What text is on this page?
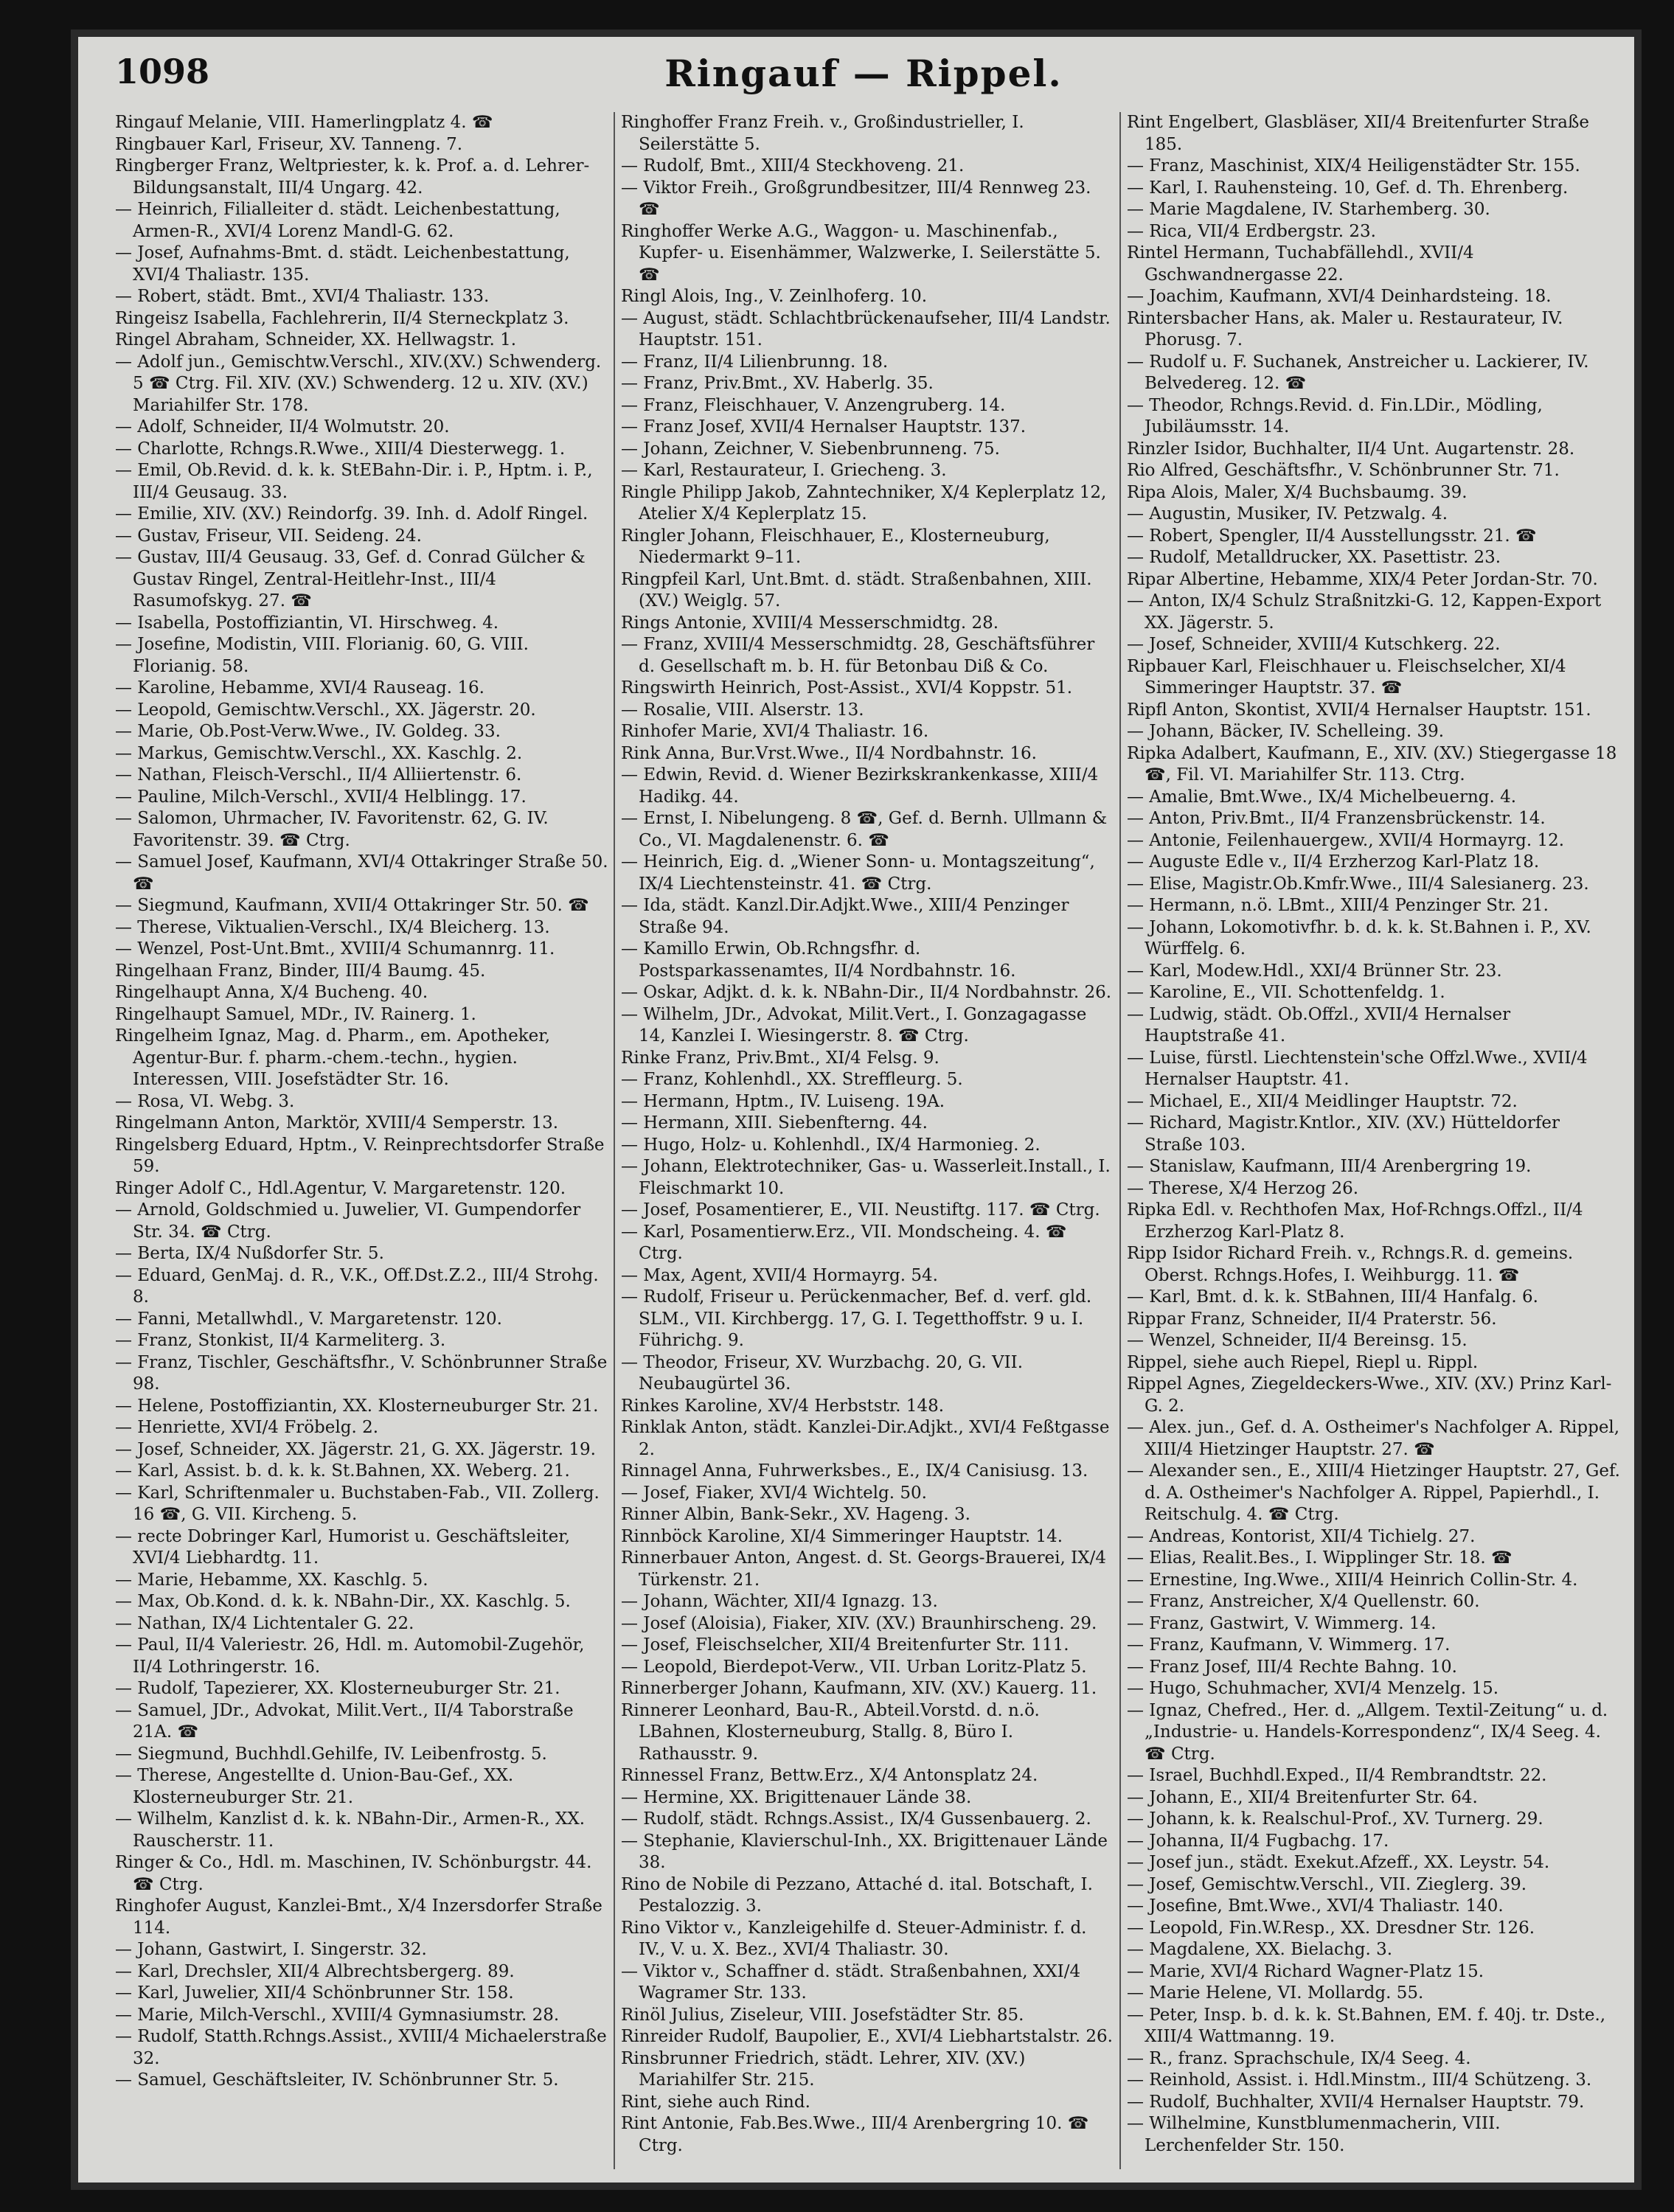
1098	Ringauf — Rippel.

Ringauf Melanie, VIII. Hamerlingplatz 4. ☎

Ringbauer Karl, Friseur, XV. Tanneng. 7.

Ringberger Franz, Weltpriester, k. k. Prof. a. d. Lehrer-Bildungsanstalt, III/4 Ungarg. 42.

— Heinrich, Filialleiter d. städt. Leichenbestattung, Armen-R., XVI/4 Lorenz Mandl-G. 62.

— Josef, Aufnahms-Bmt. d. städt. Leichenbestattung, XVI/4 Thaliastr. 135.

— Robert, städt. Bmt., XVI/4 Thaliastr. 133.

Ringeisz Isabella, Fachlehrerin, II/4 Sterneckplatz 3.

Ringel Abraham, Schneider, XX. Hellwagstr. 1.

— Adolf jun., Gemischtw.Verschl., XIV.(XV.) Schwenderg. 5 ☎ Ctrg. Fil. XIV. (XV.) Schwenderg. 12 u. XIV. (XV.) Mariahilfer Str. 178.

— Adolf, Schneider, II/4 Wolmutstr. 20.

— Charlotte, Rchngs.R.Wwe., XIII/4 Diesterwegg. 1.

— Emil, Ob.Revid. d. k. k. StEBahn-Dir. i. P., Hptm. i. P., III/4 Geusaug. 33.

— Emilie, XIV. (XV.) Reindorfg. 39. Inh. d. Adolf Ringel.

— Gustav, Friseur, VII. Seideng. 24.

— Gustav, III/4 Geusaug. 33, Gef. d. Conrad Gülcher & Gustav Ringel, Zentral-Heitlehr-Inst., III/4 Rasumofskyg. 27. ☎

— Isabella, Postoffiziantin, VI. Hirschweg. 4.

— Josefine, Modistin, VIII. Florianig. 60, G. VIII. Florianig. 58.

— Karoline, Hebamme, XVI/4 Rauseag. 16.

— Leopold, Gemischtw.Verschl., XX. Jägerstr. 20.

— Marie, Ob.Post-Verw.Wwe., IV. Goldeg. 33.

— Markus, Gemischtw.Verschl., XX. Kaschlg. 2.

— Nathan, Fleisch-Verschl., II/4 Alliiertenstr. 6.

— Pauline, Milch-Verschl., XVII/4 Helblingg. 17.

— Salomon, Uhrmacher, IV. Favoritenstr. 62, G. IV. Favoritenstr. 39. ☎ Ctrg.

— Samuel Josef, Kaufmann, XVI/4 Ottakringer Straße 50. ☎

— Siegmund, Kaufmann, XVII/4 Ottakringer Str. 50. ☎

— Therese, Viktualien-Verschl., IX/4 Bleicherg. 13.

— Wenzel, Post-Unt.Bmt., XVIII/4 Schumannrg. 11.

Ringelhaan Franz, Binder, III/4 Baumg. 45.

Ringelhaupt Anna, X/4 Bucheng. 40.

Ringelhaupt Samuel, MDr., IV. Rainerg. 1.

Ringelheim Ignaz, Mag. d. Pharm., em. Apotheker, Agentur-Bur. f. pharm.-chem.-techn., hygien. Interessen, VIII. Josefstädter Str. 16.

— Rosa, VI. Webg. 3.

Ringelmann Anton, Marktör, XVIII/4 Semperstr. 13.

Ringelsberg Eduard, Hptm., V. Reinprechtsdorfer Straße 59.

Ringer Adolf C., Hdl.Agentur, V. Margaretenstr. 120.

— Arnold, Goldschmied u. Juwelier, VI. Gumpendorfer Str. 34. ☎ Ctrg.

— Berta, IX/4 Nußdorfer Str. 5.

— Eduard, GenMaj. d. R., V.K., Off.Dst.Z.2., III/4 Strohg. 8.

— Fanni, Metallwhdl., V. Margaretenstr. 120.

— Franz, Stonkist, II/4 Karmeliterg. 3.

— Franz, Tischler, Geschäftsfhr., V. Schönbrunner Straße 98.

— Helene, Postoffiziantin, XX. Klosterneuburger Str. 21.

— Henriette, XVI/4 Fröbelg. 2.

— Josef, Schneider, XX. Jägerstr. 21, G. XX. Jägerstr. 19.

— Karl, Assist. b. d. k. k. St.Bahnen, XX. Weberg. 21.

— Karl, Schriftenmaler u. Buchstaben-Fab., VII. Zollerg. 16 ☎, G. VII. Kircheng. 5.

— recte Dobringer Karl, Humorist u. Geschäftsleiter, XVI/4 Liebhardtg. 11.

— Marie, Hebamme, XX. Kaschlg. 5.

— Max, Ob.Kond. d. k. k. NBahn-Dir., XX. Kaschlg. 5.

— Nathan, IX/4 Lichtentaler G. 22.

— Paul, II/4 Valeriestr. 26, Hdl. m. Automobil-Zugehör, II/4 Lothringerstr. 16.

— Rudolf, Tapezierer, XX. Klosterneuburger Str. 21.

— Samuel, JDr., Advokat, Milit.Vert., II/4 Taborstraße 21A. ☎

— Siegmund, Buchhdl.Gehilfe, IV. Leibenfrostg. 5.

— Therese, Angestellte d. Union-Bau-Gef., XX. Klosterneuburger Str. 21.

— Wilhelm, Kanzlist d. k. k. NBahn-Dir., Armen-R., XX. Rauscherstr. 11.

Ringer & Co., Hdl. m. Maschinen, IV. Schönburgstr. 44. ☎ Ctrg.

Ringhofer August, Kanzlei-Bmt., X/4 Inzersdorfer Straße 114.

— Johann, Gastwirt, I. Singerstr. 32.

— Karl, Drechsler, XII/4 Albrechtsbergerg. 89.

— Karl, Juwelier, XII/4 Schönbrunner Str. 158.

— Marie, Milch-Verschl., XVIII/4 Gymnasiumstr. 28.

— Rudolf, Statth.Rchngs.Assist., XVIII/4 Michaelerstraße 32.

— Samuel, Geschäftsleiter, IV. Schönbrunner Str. 5.

Ringhoffer Franz Freih. v., Großindustrieller, I. Seilerstätte 5.

— Rudolf, Bmt., XIII/4 Steckhoveng. 21.

— Viktor Freih., Großgrundbesitzer, III/4 Rennweg 23. ☎

Ringhoffer Werke A.G., Waggon- u. Maschinenfab., Kupfer- u. Eisenhämmer, Walzwerke, I. Seilerstätte 5. ☎

Ringl Alois, Ing., V. Zeinlhoferg. 10.

— August, städt. Schlachtbrückenaufseher, III/4 Landstr. Hauptstr. 151.

— Franz, II/4 Lilienbrunng. 18.

— Franz, Priv.Bmt., XV. Haberlg. 35.

— Franz, Fleischhauer, V. Anzengruberg. 14.

— Franz Josef, XVII/4 Hernalser Hauptstr. 137.

— Johann, Zeichner, V. Siebenbrunneng. 75.

— Karl, Restaurateur, I. Griecheng. 3.

Ringle Philipp Jakob, Zahntechniker, X/4 Keplerplatz 12, Atelier X/4 Keplerplatz 15.

Ringler Johann, Fleischhauer, E., Klosterneuburg, Niedermarkt 9–11.

Ringpfeil Karl, Unt.Bmt. d. städt. Straßenbahnen, XIII. (XV.) Weiglg. 57.

Rings Antonie, XVIII/4 Messerschmidtg. 28.

— Franz, XVIII/4 Messerschmidtg. 28, Geschäftsführer d. Gesellschaft m. b. H. für Betonbau Diß & Co.

Ringswirth Heinrich, Post-Assist., XVI/4 Koppstr. 51.

— Rosalie, VIII. Alserstr. 13.

Rinhofer Marie, XVI/4 Thaliastr. 16.

Rink Anna, Bur.Vrst.Wwe., II/4 Nordbahnstr. 16.

— Edwin, Revid. d. Wiener Bezirkskrankenkasse, XIII/4 Hadikg. 44.

— Ernst, I. Nibelungeng. 8 ☎, Gef. d. Bernh. Ullmann & Co., VI. Magdalenenstr. 6. ☎

— Heinrich, Eig. d. „Wiener Sonn- u. Montagszeitung“, IX/4 Liechtensteinstr. 41. ☎ Ctrg.

— Ida, städt. Kanzl.Dir.Adjkt.Wwe., XIII/4 Penzinger Straße 94.

— Kamillo Erwin, Ob.Rchngsfhr. d. Postsparkassenamtes, II/4 Nordbahnstr. 16.

— Oskar, Adjkt. d. k. k. NBahn-Dir., II/4 Nordbahnstr. 26.

— Wilhelm, JDr., Advokat, Milit.Vert., I. Gonzagagasse 14, Kanzlei I. Wiesingerstr. 8. ☎ Ctrg.

Rinke Franz, Priv.Bmt., XI/4 Felsg. 9.

— Franz, Kohlenhdl., XX. Streffleurg. 5.

— Hermann, Hptm., IV. Luiseng. 19A.

— Hermann, XIII. Siebenfterng. 44.

— Hugo, Holz- u. Kohlenhdl., IX/4 Harmonieg. 2.

— Johann, Elektrotechniker, Gas- u. Wasserleit.Install., I. Fleischmarkt 10.

— Josef, Posamentierer, E., VII. Neustiftg. 117. ☎ Ctrg.

— Karl, Posamentierw.Erz., VII. Mondscheing. 4. ☎ Ctrg.

— Max, Agent, XVII/4 Hormayrg. 54.

— Rudolf, Friseur u. Perückenmacher, Bef. d. verf. gld. SLM., VII. Kirchbergg. 17, G. I. Tegetthoffstr. 9 u. I. Führichg. 9.

— Theodor, Friseur, XV. Wurzbachg. 20, G. VII. Neubaugürtel 36.

Rinkes Karoline, XV/4 Herbststr. 148.

Rinklak Anton, städt. Kanzlei-Dir.Adjkt., XVI/4 Feßtgasse 2.

Rinnagel Anna, Fuhrwerksbes., E., IX/4 Canisiusg. 13.

— Josef, Fiaker, XVI/4 Wichtelg. 50.

Rinner Albin, Bank-Sekr., XV. Hageng. 3.

Rinnböck Karoline, XI/4 Simmeringer Hauptstr. 14.

Rinnerbauer Anton, Angest. d. St. Georgs-Brauerei, IX/4 Türkenstr. 21.

— Johann, Wächter, XII/4 Ignazg. 13.

— Josef (Aloisia), Fiaker, XIV. (XV.) Braunhirscheng. 29.

— Josef, Fleischselcher, XII/4 Breitenfurter Str. 111.

— Leopold, Bierdepot-Verw., VII. Urban Loritz-Platz 5.

Rinnerberger Johann, Kaufmann, XIV. (XV.) Kauerg. 11.

Rinnerer Leonhard, Bau-R., Abteil.Vorstd. d. n.ö. LBahnen, Klosterneuburg, Stallg. 8, Büro I. Rathausstr. 9.

Rinnessel Franz, Bettw.Erz., X/4 Antonsplatz 24.

— Hermine, XX. Brigittenauer Lände 38.

— Rudolf, städt. Rchngs.Assist., IX/4 Gussenbauerg. 2.

— Stephanie, Klavierschul-Inh., XX. Brigittenauer Lände 38.

Rino de Nobile di Pezzano, Attaché d. ital. Botschaft, I. Pestalozzig. 3.

Rino Viktor v., Kanzleigehilfe d. Steuer-Administr. f. d. IV., V. u. X. Bez., XVI/4 Thaliastr. 30.

— Viktor v., Schaffner d. städt. Straßenbahnen, XXI/4 Wagramer Str. 133.

Rinöl Julius, Ziseleur, VIII. Josefstädter Str. 85.

Rinreider Rudolf, Baupolier, E., XVI/4 Liebhartstalstr. 26.

Rinsbrunner Friedrich, städt. Lehrer, XIV. (XV.) Mariahilfer Str. 215.

Rint, siehe auch Rind.

Rint Antonie, Fab.Bes.Wwe., III/4 Arenbergring 10. ☎ Ctrg.

Rint Engelbert, Glasbläser, XII/4 Breitenfurter Straße 185.

— Franz, Maschinist, XIX/4 Heiligenstädter Str. 155.

— Karl, I. Rauhensteing. 10, Gef. d. Th. Ehrenberg.

— Marie Magdalene, IV. Starhemberg. 30.

— Rica, VII/4 Erdbergstr. 23.

Rintel Hermann, Tuchabfällehdl., XVII/4 Gschwandnergasse 22.

— Joachim, Kaufmann, XVI/4 Deinhardsteing. 18.

Rintersbacher Hans, ak. Maler u. Restaurateur, IV. Phorusg. 7.

— Rudolf u. F. Suchanek, Anstreicher u. Lackierer, IV. Belvedereg. 12. ☎

— Theodor, Rchngs.Revid. d. Fin.LDir., Mödling, Jubiläumsstr. 14.

Rinzler Isidor, Buchhalter, II/4 Unt. Augartenstr. 28.

Rio Alfred, Geschäftsfhr., V. Schönbrunner Str. 71.

Ripa Alois, Maler, X/4 Buchsbaumg. 39.

— Augustin, Musiker, IV. Petzwalg. 4.

— Robert, Spengler, II/4 Ausstellungsstr. 21. ☎

— Rudolf, Metalldrucker, XX. Pasettistr. 23.

Ripar Albertine, Hebamme, XIX/4 Peter Jordan-Str. 70.

— Anton, IX/4 Schulz Straßnitzki-G. 12, Kappen-Export XX. Jägerstr. 5.

— Josef, Schneider, XVIII/4 Kutschkerg. 22.

Ripbauer Karl, Fleischhauer u. Fleischselcher, XI/4 Simmeringer Hauptstr. 37. ☎

Ripfl Anton, Skontist, XVII/4 Hernalser Hauptstr. 151.

— Johann, Bäcker, IV. Schelleing. 39.

Ripka Adalbert, Kaufmann, E., XIV. (XV.) Stiegergasse 18 ☎, Fil. VI. Mariahilfer Str. 113. Ctrg.

— Amalie, Bmt.Wwe., IX/4 Michelbeuerng. 4.

— Anton, Priv.Bmt., II/4 Franzensbrückenstr. 14.

— Antonie, Feilenhauergew., XVII/4 Hormayrg. 12.

— Auguste Edle v., II/4 Erzherzog Karl-Platz 18.

— Elise, Magistr.Ob.Kmfr.Wwe., III/4 Salesianerg. 23.

— Hermann, n.ö. LBmt., XIII/4 Penzinger Str. 21.

— Johann, Lokomotivfhr. b. d. k. k. St.Bahnen i. P., XV. Würffelg. 6.

— Karl, Modew.Hdl., XXI/4 Brünner Str. 23.

— Karoline, E., VII. Schottenfeldg. 1.

— Ludwig, städt. Ob.Offzl., XVII/4 Hernalser Hauptstraße 41.

— Luise, fürstl. Liechtenstein'sche Offzl.Wwe., XVII/4 Hernalser Hauptstr. 41.

— Michael, E., XII/4 Meidlinger Hauptstr. 72.

— Richard, Magistr.Kntlor., XIV. (XV.) Hütteldorfer Straße 103.

— Stanislaw, Kaufmann, III/4 Arenbergring 19.

— Therese, X/4 Herzog 26.

Ripka Edl. v. Rechthofen Max, Hof-Rchngs.Offzl., II/4 Erzherzog Karl-Platz 8.

Ripp Isidor Richard Freih. v., Rchngs.R. d. gemeins. Oberst. Rchngs.Hofes, I. Weihburgg. 11. ☎

— Karl, Bmt. d. k. k. StBahnen, III/4 Hanfalg. 6.

Rippar Franz, Schneider, II/4 Praterstr. 56.

— Wenzel, Schneider, II/4 Bereinsg. 15.

Rippel, siehe auch Riepel, Riepl u. Rippl.

Rippel Agnes, Ziegeldeckers-Wwe., XIV. (XV.) Prinz Karl-G. 2.

— Alex. jun., Gef. d. A. Ostheimer's Nachfolger A. Rippel, XIII/4 Hietzinger Hauptstr. 27. ☎

— Alexander sen., E., XIII/4 Hietzinger Hauptstr. 27, Gef. d. A. Ostheimer's Nachfolger A. Rippel, Papierhdl., I. Reitschulg. 4. ☎ Ctrg.

— Andreas, Kontorist, XII/4 Tichielg. 27.

— Elias, Realit.Bes., I. Wipplinger Str. 18. ☎

— Ernestine, Ing.Wwe., XIII/4 Heinrich Collin-Str. 4.

— Franz, Anstreicher, X/4 Quellenstr. 60.

— Franz, Gastwirt, V. Wimmerg. 14.

— Franz, Kaufmann, V. Wimmerg. 17.

— Franz Josef, III/4 Rechte Bahng. 10.

— Hugo, Schuhmacher, XVI/4 Menzelg. 15.

— Ignaz, Chefred., Her. d. „Allgem. Textil-Zeitung“ u. d. „Industrie- u. Handels-Korrespondenz“, IX/4 Seeg. 4. ☎ Ctrg.

— Israel, Buchhdl.Exped., II/4 Rembrandtstr. 22.

— Johann, E., XII/4 Breitenfurter Str. 64.

— Johann, k. k. Realschul-Prof., XV. Turnerg. 29.

— Johanna, II/4 Fugbachg. 17.

— Josef jun., städt. Exekut.Afzeff., XX. Leystr. 54.

— Josef, Gemischtw.Verschl., VII. Zieglerg. 39.

— Josefine, Bmt.Wwe., XVI/4 Thaliastr. 140.

— Leopold, Fin.W.Resp., XX. Dresdner Str. 126.

— Magdalene, XX. Bielachg. 3.

— Marie, XVI/4 Richard Wagner-Platz 15.

— Marie Helene, VI. Mollardg. 55.

— Peter, Insp. b. d. k. k. St.Bahnen, EM. f. 40j. tr. Dste., XIII/4 Wattmanng. 19.

— R., franz. Sprachschule, IX/4 Seeg. 4.

— Reinhold, Assist. i. Hdl.Minstm., III/4 Schützeng. 3.

— Rudolf, Buchhalter, XVII/4 Hernalser Hauptstr. 79.

— Wilhelmine, Kunstblumenmacherin, VIII. Lerchenfelder Str. 150.
